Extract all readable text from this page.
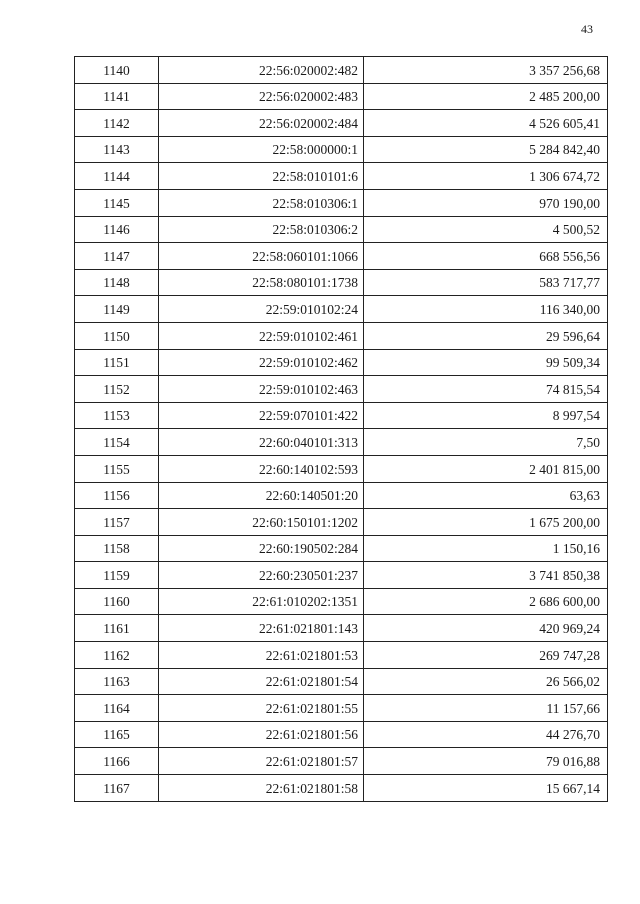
43
1140	22:56:020002:482	3 357 256,68
1141	22:56:020002:483	2 485 200,00
1142	22:56:020002:484	4 526 605,41
1143	22:58:000000:1	5 284 842,40
1144	22:58:010101:6	1 306 674,72
1145	22:58:010306:1	970 190,00
1146	22:58:010306:2	4 500,52
1147	22:58:060101:1066	668 556,56
1148	22:58:080101:1738	583 717,77
1149	22:59:010102:24	116 340,00
1150	22:59:010102:461	29 596,64
1151	22:59:010102:462	99 509,34
1152	22:59:010102:463	74 815,54
1153	22:59:070101:422	8 997,54
1154	22:60:040101:313	7,50
1155	22:60:140102:593	2 401 815,00
1156	22:60:140501:20	63,63
1157	22:60:150101:1202	1 675 200,00
1158	22:60:190502:284	1 150,16
1159	22:60:230501:237	3 741 850,38
1160	22:61:010202:1351	2 686 600,00
1161	22:61:021801:143	420 969,24
1162	22:61:021801:53	269 747,28
1163	22:61:021801:54	26 566,02
1164	22:61:021801:55	11 157,66
1165	22:61:021801:56	44 276,70
1166	22:61:021801:57	79 016,88
1167	22:61:021801:58	15 667,14
